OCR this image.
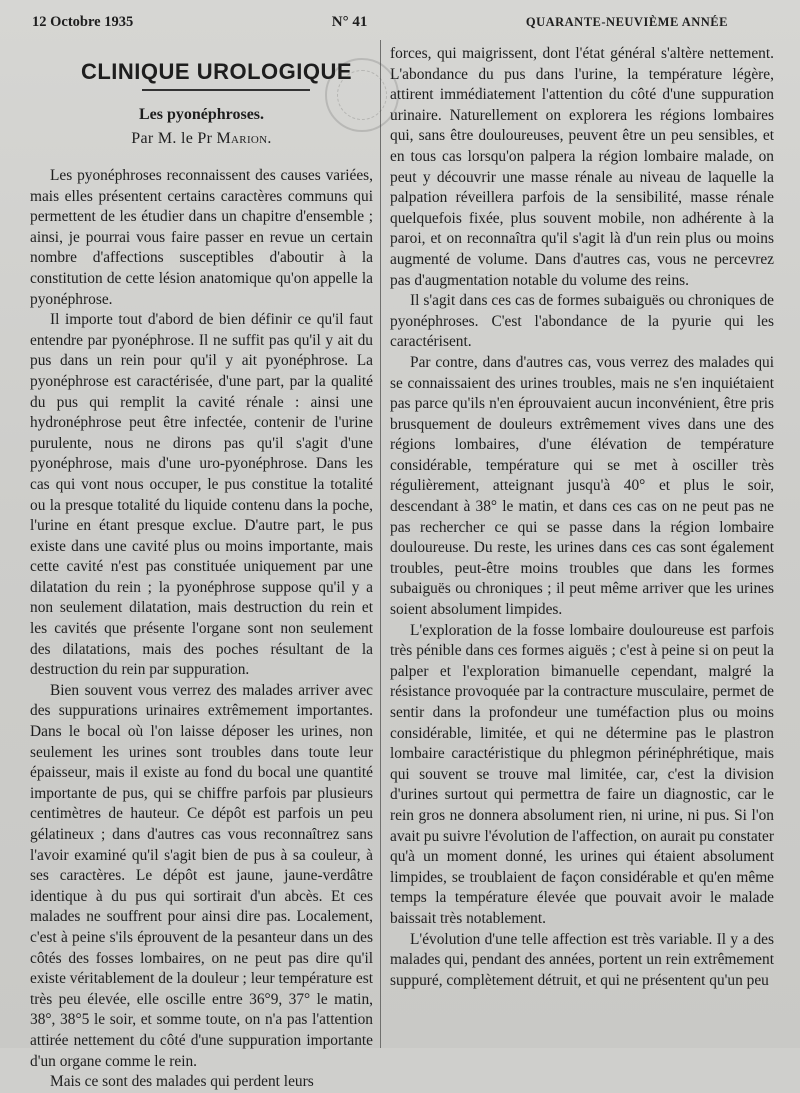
12 Octobre 1935	N° 41	QUARANTE-NEUVIÈME ANNÉE
CLINIQUE UROLOGIQUE
Les pyonéphroses.
Par M. le Pr Marion.

Les pyonéphroses reconnaissent des causes variées, mais elles présentent certains caractères communs qui permettent de les étudier dans un chapitre d'ensemble ; ainsi, je pourrai vous faire passer en revue un certain nombre d'affections susceptibles d'aboutir à la constitution de cette lésion anatomique qu'on appelle la pyonéphrose.

Il importe tout d'abord de bien définir ce qu'il faut entendre par pyonéphrose. Il ne suffit pas qu'il y ait du pus dans un rein pour qu'il y ait pyonéphrose. La pyonéphrose est caractérisée, d'une part, par la qualité du pus qui remplit la cavité rénale : ainsi une hydronéphrose peut être infectée, contenir de l'urine purulente, nous ne dirons pas qu'il s'agit d'une pyonéphrose, mais d'une uro-pyonéphrose. Dans les cas qui vont nous occuper, le pus constitue la totalité ou la presque totalité du liquide contenu dans la poche, l'urine en étant presque exclue. D'autre part, le pus existe dans une cavité plus ou moins importante, mais cette cavité n'est pas constituée uniquement par une dilatation du rein ; la pyonéphrose suppose qu'il y a non seulement dilatation, mais destruction du rein et les cavités que présente l'organe sont non seulement des dilatations, mais des poches résultant de la destruction du rein par suppuration.

Bien souvent vous verrez des malades arriver avec des suppurations urinaires extrêmement importantes. Dans le bocal où l'on laisse déposer les urines, non seulement les urines sont troubles dans toute leur épaisseur, mais il existe au fond du bocal une quantité importante de pus, qui se chiffre parfois par plusieurs centimètres de hauteur. Ce dépôt est parfois un peu gélatineux ; dans d'autres cas vous reconnaîtrez sans l'avoir examiné qu'il s'agit bien de pus à sa couleur, à ses caractères. Le dépôt est jaune, jaune-verdâtre identique à du pus qui sortirait d'un abcès. Et ces malades ne souffrent pour ainsi dire pas. Localement, c'est à peine s'ils éprouvent de la pesanteur dans un des côtés des fosses lombaires, on ne peut pas dire qu'il existe véritablement de la douleur ; leur température est très peu élevée, elle oscille entre 36°9, 37° le matin, 38°, 38°5 le soir, et somme toute, on n'a pas l'attention attirée nettement du côté d'une suppuration importante d'un organe comme le rein.

Mais ce sont des malades qui perdent leurs

forces, qui maigrissent, dont l'état général s'altère nettement. L'abondance du pus dans l'urine, la température légère, attirent immédiatement l'attention du côté d'une suppuration urinaire. Naturellement on explorera les régions lombaires qui, sans être douloureuses, peuvent être un peu sensibles, et en tous cas lorsqu'on palpera la région lombaire malade, on peut y découvrir une masse rénale au niveau de laquelle la palpation réveillera parfois de la sensibilité, masse rénale quelquefois fixée, plus souvent mobile, non adhérente à la paroi, et on reconnaîtra qu'il s'agit là d'un rein plus ou moins augmenté de volume. Dans d'autres cas, vous ne percevrez pas d'augmentation notable du volume des reins.

Il s'agit dans ces cas de formes subaiguës ou chroniques de pyonéphroses. C'est l'abondance de la pyurie qui les caractérisent.

Par contre, dans d'autres cas, vous verrez des malades qui se connaissaient des urines troubles, mais ne s'en inquiétaient pas parce qu'ils n'en éprouvaient aucun inconvénient, être pris brusquement de douleurs extrêmement vives dans une des régions lombaires, d'une élévation de température considérable, température qui se met à osciller très régulièrement, atteignant jusqu'à 40° et plus le soir, descendant à 38° le matin, et dans ces cas on ne peut pas ne pas rechercher ce qui se passe dans la région lombaire douloureuse. Du reste, les urines dans ces cas sont également troubles, peut-être moins troubles que dans les formes subaiguës ou chroniques ; il peut même arriver que les urines soient absolument limpides.

L'exploration de la fosse lombaire douloureuse est parfois très pénible dans ces formes aiguës ; c'est à peine si on peut la palper et l'exploration bimanuelle cependant, malgré la résistance provoquée par la contracture musculaire, permet de sentir dans la profondeur une tuméfaction plus ou moins considérable, limitée, et qui ne détermine pas le plastron lombaire caractéristique du phlegmon périnéphrétique, mais qui souvent se trouve mal limitée, car, c'est la division d'urines surtout qui permettra de faire un diagnostic, car le rein gros ne donnera absolument rien, ni urine, ni pus. Si l'on avait pu suivre l'évolution de l'affection, on aurait pu constater qu'à un moment donné, les urines qui étaient absolument limpides, se troublaient de façon considérable et qu'en même temps la température élevée que pouvait avoir le malade baissait très notablement.

L'évolution d'une telle affection est très variable. Il y a des malades qui, pendant des années, portent un rein extrêmement suppuré, complètement détruit, et qui ne présentent qu'un peu
